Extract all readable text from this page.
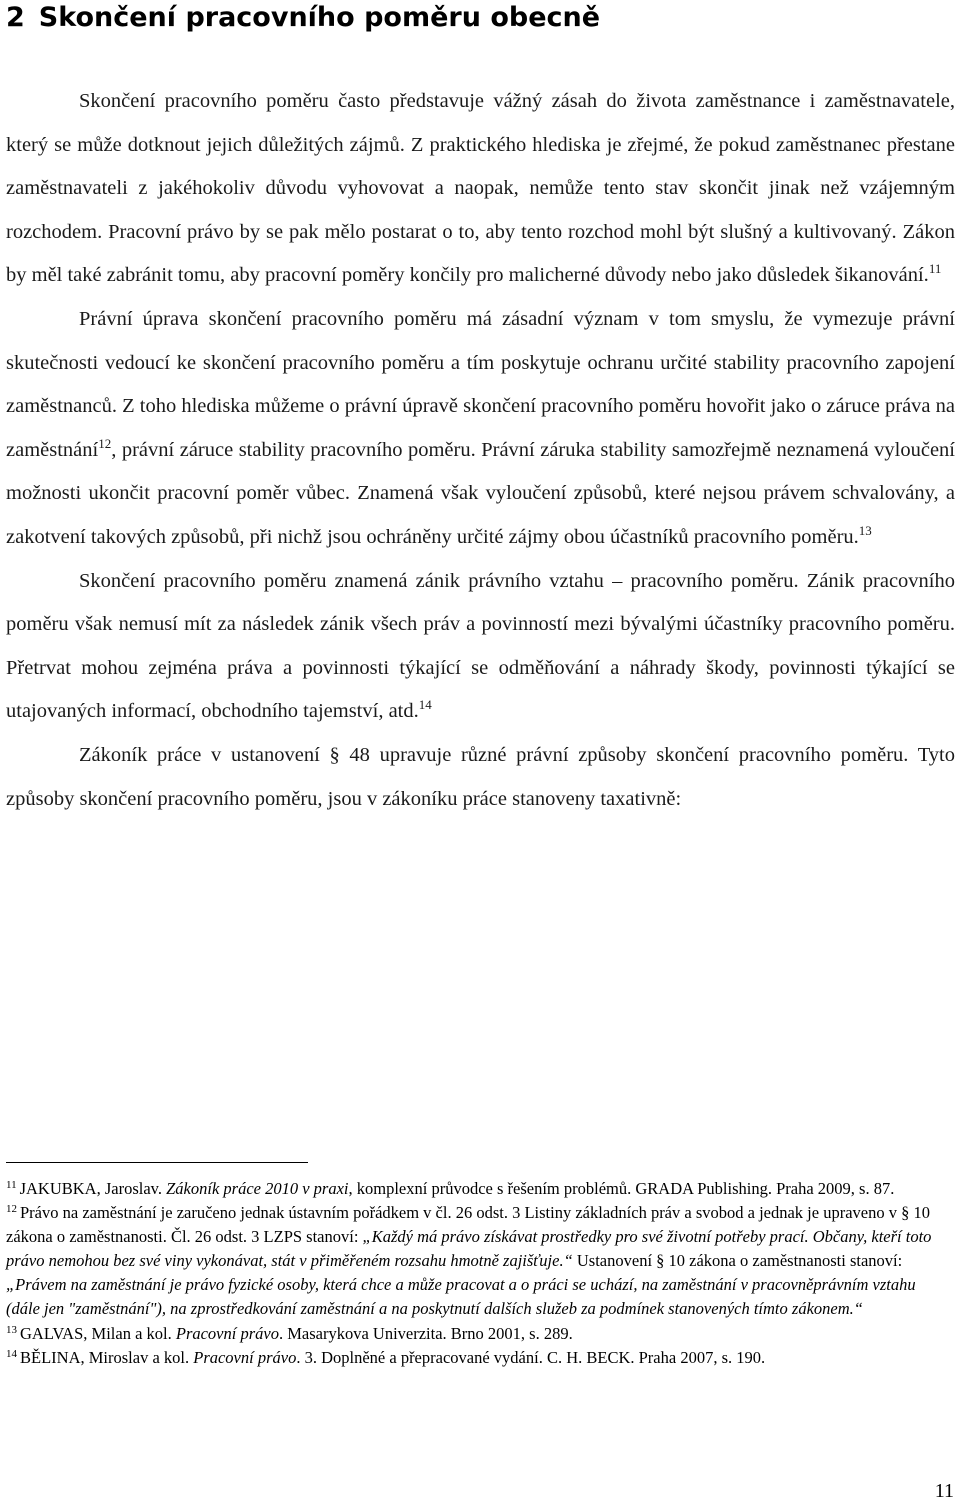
2 Skončení pracovního poměru obecně

Skončení pracovního poměru často představuje vážný zásah do života zaměstnance i zaměstnavatele, který se může dotknout jejich důležitých zájmů. Z praktického hlediska je zřejmé, že pokud zaměstnanec přestane zaměstnavateli z jakéhokoliv důvodu vyhovovat a naopak, nemůže tento stav skončit jinak než vzájemným rozchodem. Pracovní právo by se pak mělo postarat o to, aby tento rozchod mohl být slušný a kultivovaný. Zákon by měl také zabránit tomu, aby pracovní poměry končily pro malicherné důvody nebo jako důsledek šikanování.$^{11}$

Právní úprava skončení pracovního poměru má zásadní význam v tom smyslu, že vymezuje právní skutečnosti vedoucí ke skončení pracovního poměru a tím poskytuje ochranu určité stability pracovního zapojení zaměstnanců. Z toho hlediska můžeme o právní úpravě skončení pracovního poměru hovořit jako o záruce práva na zaměstnání$^{12}$, právní záruce stability pracovního poměru. Právní záruka stability samozřejmě neznamená vyloučení možnosti ukončit pracovní poměr vůbec. Znamená však vyloučení způsobů, které nejsou právem schvalovány, a zakotvení takových způsobů, při nichž jsou ochráněny určité zájmy obou účastníků pracovního poměru.$^{13}$

Skončení pracovního poměru znamená zánik právního vztahu – pracovního poměru. Zánik pracovního poměru však nemusí mít za následek zánik všech práv a povinností mezi bývalými účastníky pracovního poměru. Přetrvat mohou zejména práva a povinnosti týkající se odměňování a náhrady škody, povinnosti týkající se utajovaných informací, obchodního tajemství, atd.$^{14}$

Zákoník práce v ustanovení § 48 upravuje různé právní způsoby skončení pracovního poměru. Tyto způsoby skončení pracovního poměru, jsou v zákoníku práce stanoveny taxativně:

$^{11}$ JAKUBKA, Jaroslav. Zákoník práce 2010 v praxi, komplexní průvodce s řešením problémů. GRADA Publishing. Praha 2009, s. 87.

$^{12}$ Právo na zaměstnání je zaručeno jednak ústavním pořádkem v čl. 26 odst. 3 Listiny základních práv a svobod a jednak je upraveno v § 10 zákona o zaměstnanosti. Čl. 26 odst. 3 LZPS stanoví: „Každý má právo získávat prostředky pro své životní potřeby prací. Občany, kteří toto právo nemohou bez své viny vykonávat, stát v přiměřeném rozsahu hmotně zajišťuje.“ Ustanovení § 10 zákona o zaměstnanosti stanoví: „Právem na zaměstnání je právo fyzické osoby, která chce a může pracovat a o práci se uchází, na zaměstnání v pracovněprávním vztahu (dále jen "zaměstnání"), na zprostředkování zaměstnání a na poskytnutí dalších služeb za podmínek stanovených tímto zákonem.“

$^{13}$ GALVAS, Milan a kol. Pracovní právo. Masarykova Univerzita. Brno 2001, s. 289.

$^{14}$ BĚLINA, Miroslav a kol. Pracovní právo. 3. Doplněné a přepracované vydání. C. H. BECK. Praha 2007, s. 190.

11
